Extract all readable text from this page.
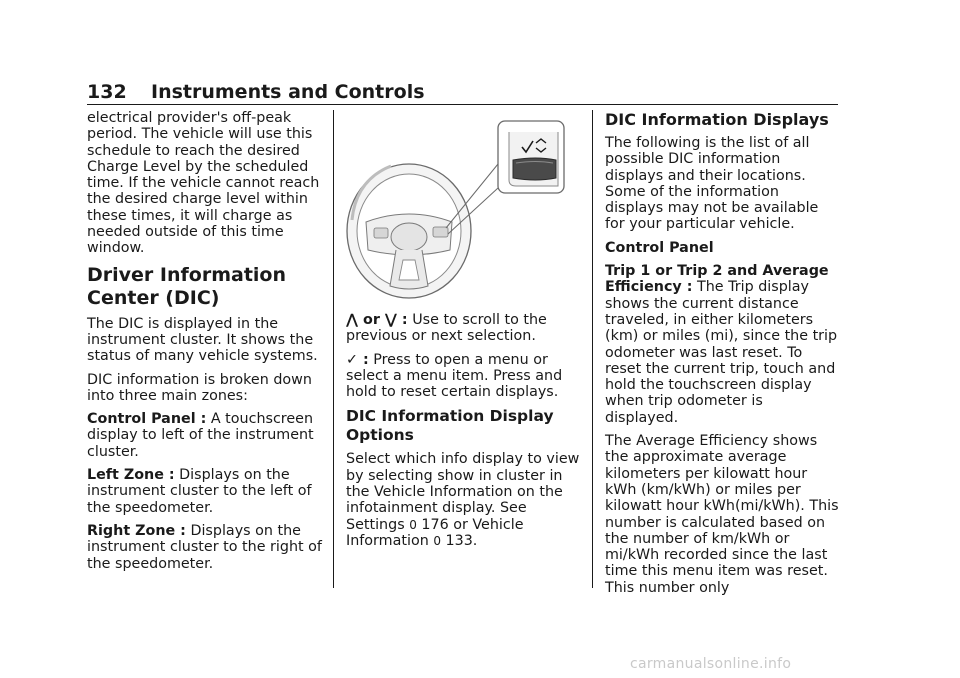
132 Instruments and Controls

electrical provider's off-peak period. The vehicle will use this schedule to reach the desired Charge Level by the scheduled time. If the vehicle cannot reach the desired charge level within these times, it will charge as needed outside of this time window.

Driver Information Center (DIC)

The DIC is displayed in the instrument cluster. It shows the status of many vehicle systems.

DIC information is broken down into three main zones:

Control Panel : A touchscreen display to left of the instrument cluster.

Left Zone : Displays on the instrument cluster to the left of the speedometer.

Right Zone : Displays on the instrument cluster to the right of the speedometer.

⋀ or ⋁ : Use to scroll to the previous or next selection.

✓ : Press to open a menu or select a menu item. Press and hold to reset certain displays.

DIC Information Display Options

Select which info display to view by selecting show in cluster in the Vehicle Information on the infotainment display. See Settings 0 176 or Vehicle Information 0 133.

DIC Information Displays

The following is the list of all possible DIC information displays and their locations. Some of the information displays may not be available for your particular vehicle.

Control Panel

Trip 1 or Trip 2 and Average Efficiency : The Trip display shows the current distance traveled, in either kilometers (km) or miles (mi), since the trip odometer was last reset. To reset the current trip, touch and hold the touchscreen display when trip odometer is displayed.

The Average Efficiency shows the approximate average kilometers per kilowatt hour kWh (km/kWh) or miles per kilowatt hour kWh(mi/kWh). This number is calculated based on the number of km/kWh or mi/kWh recorded since the last time this menu item was reset. This number only

carmanualsonline.info
